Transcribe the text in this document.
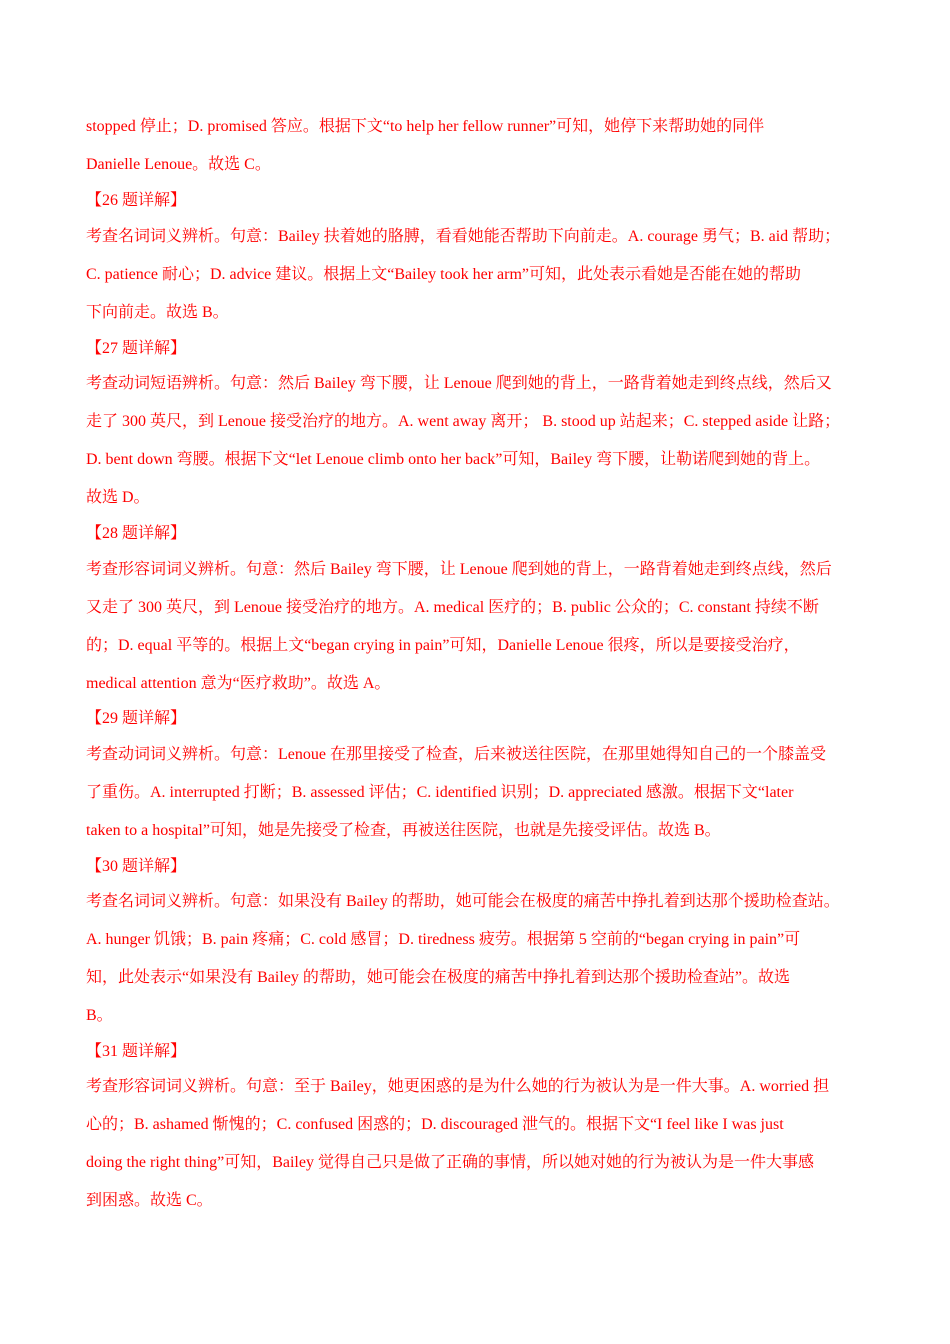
stopped 停止；D. promised 答应。根据下文“to help her fellow runner”可知，她停下来帮助她的同伴
Danielle Lenoue。故选 C。
【26 题详解】
考查名词词义辨析。句意：Bailey 扶着她的胳膊，看看她能否帮助下向前走。A. courage 勇气；B. aid 帮助；
C. patience 耐心；D. advice 建议。根据上文“Bailey took her arm”可知，此处表示看她是否能在她的帮助
下向前走。故选 B。
【27 题详解】
考查动词短语辨析。句意：然后 Bailey 弯下腰，让 Lenoue 爬到她的背上，一路背着她走到终点线，然后又
走了 300 英尺，到 Lenoue 接受治疗的地方。A. went away 离开； B. stood up 站起来；C. stepped aside 让路；
D. bent down 弯腰。根据下文“let Lenoue climb onto her back”可知，Bailey 弯下腰，让勒诺爬到她的背上。
故选 D。
【28 题详解】
考查形容词词义辨析。句意：然后 Bailey 弯下腰，让 Lenoue 爬到她的背上，一路背着她走到终点线，然后
又走了 300 英尺，到 Lenoue 接受治疗的地方。A. medical 医疗的；B. public 公众的；C. constant 持续不断
的；D. equal 平等的。根据上文“began crying in pain”可知，Danielle Lenoue 很疼，所以是要接受治疗，
medical attention 意为“医疗救助”。故选 A。
【29 题详解】
考查动词词义辨析。句意：Lenoue 在那里接受了检查，后来被送往医院，在那里她得知自己的一个膝盖受
了重伤。A. interrupted 打断；B. assessed 评估；C. identified 识别；D. appreciated 感激。根据下文“later
taken to a hospital”可知，她是先接受了检查，再被送往医院，也就是先接受评估。故选 B。
【30 题详解】
考查名词词义辨析。句意：如果没有 Bailey 的帮助，她可能会在极度的痛苦中挣扎着到达那个援助检查站。
A. hunger 饥饿；B. pain 疼痛；C. cold 感冒；D. tiredness 疲劳。根据第 5 空前的“began crying in pain”可
知，此处表示“如果没有 Bailey 的帮助，她可能会在极度的痛苦中挣扎着到达那个援助检查站”。故选
B。
【31 题详解】
考查形容词词义辨析。句意：至于 Bailey，她更困惑的是为什么她的行为被认为是一件大事。A. worried 担
心的；B. ashamed 惭愧的；C. confused 困惑的；D. discouraged 泄气的。根据下文“I feel like I was just
doing the right thing”可知，Bailey 觉得自己只是做了正确的事情，所以她对她的行为被认为是一件大事感
到困惑。故选 C。
